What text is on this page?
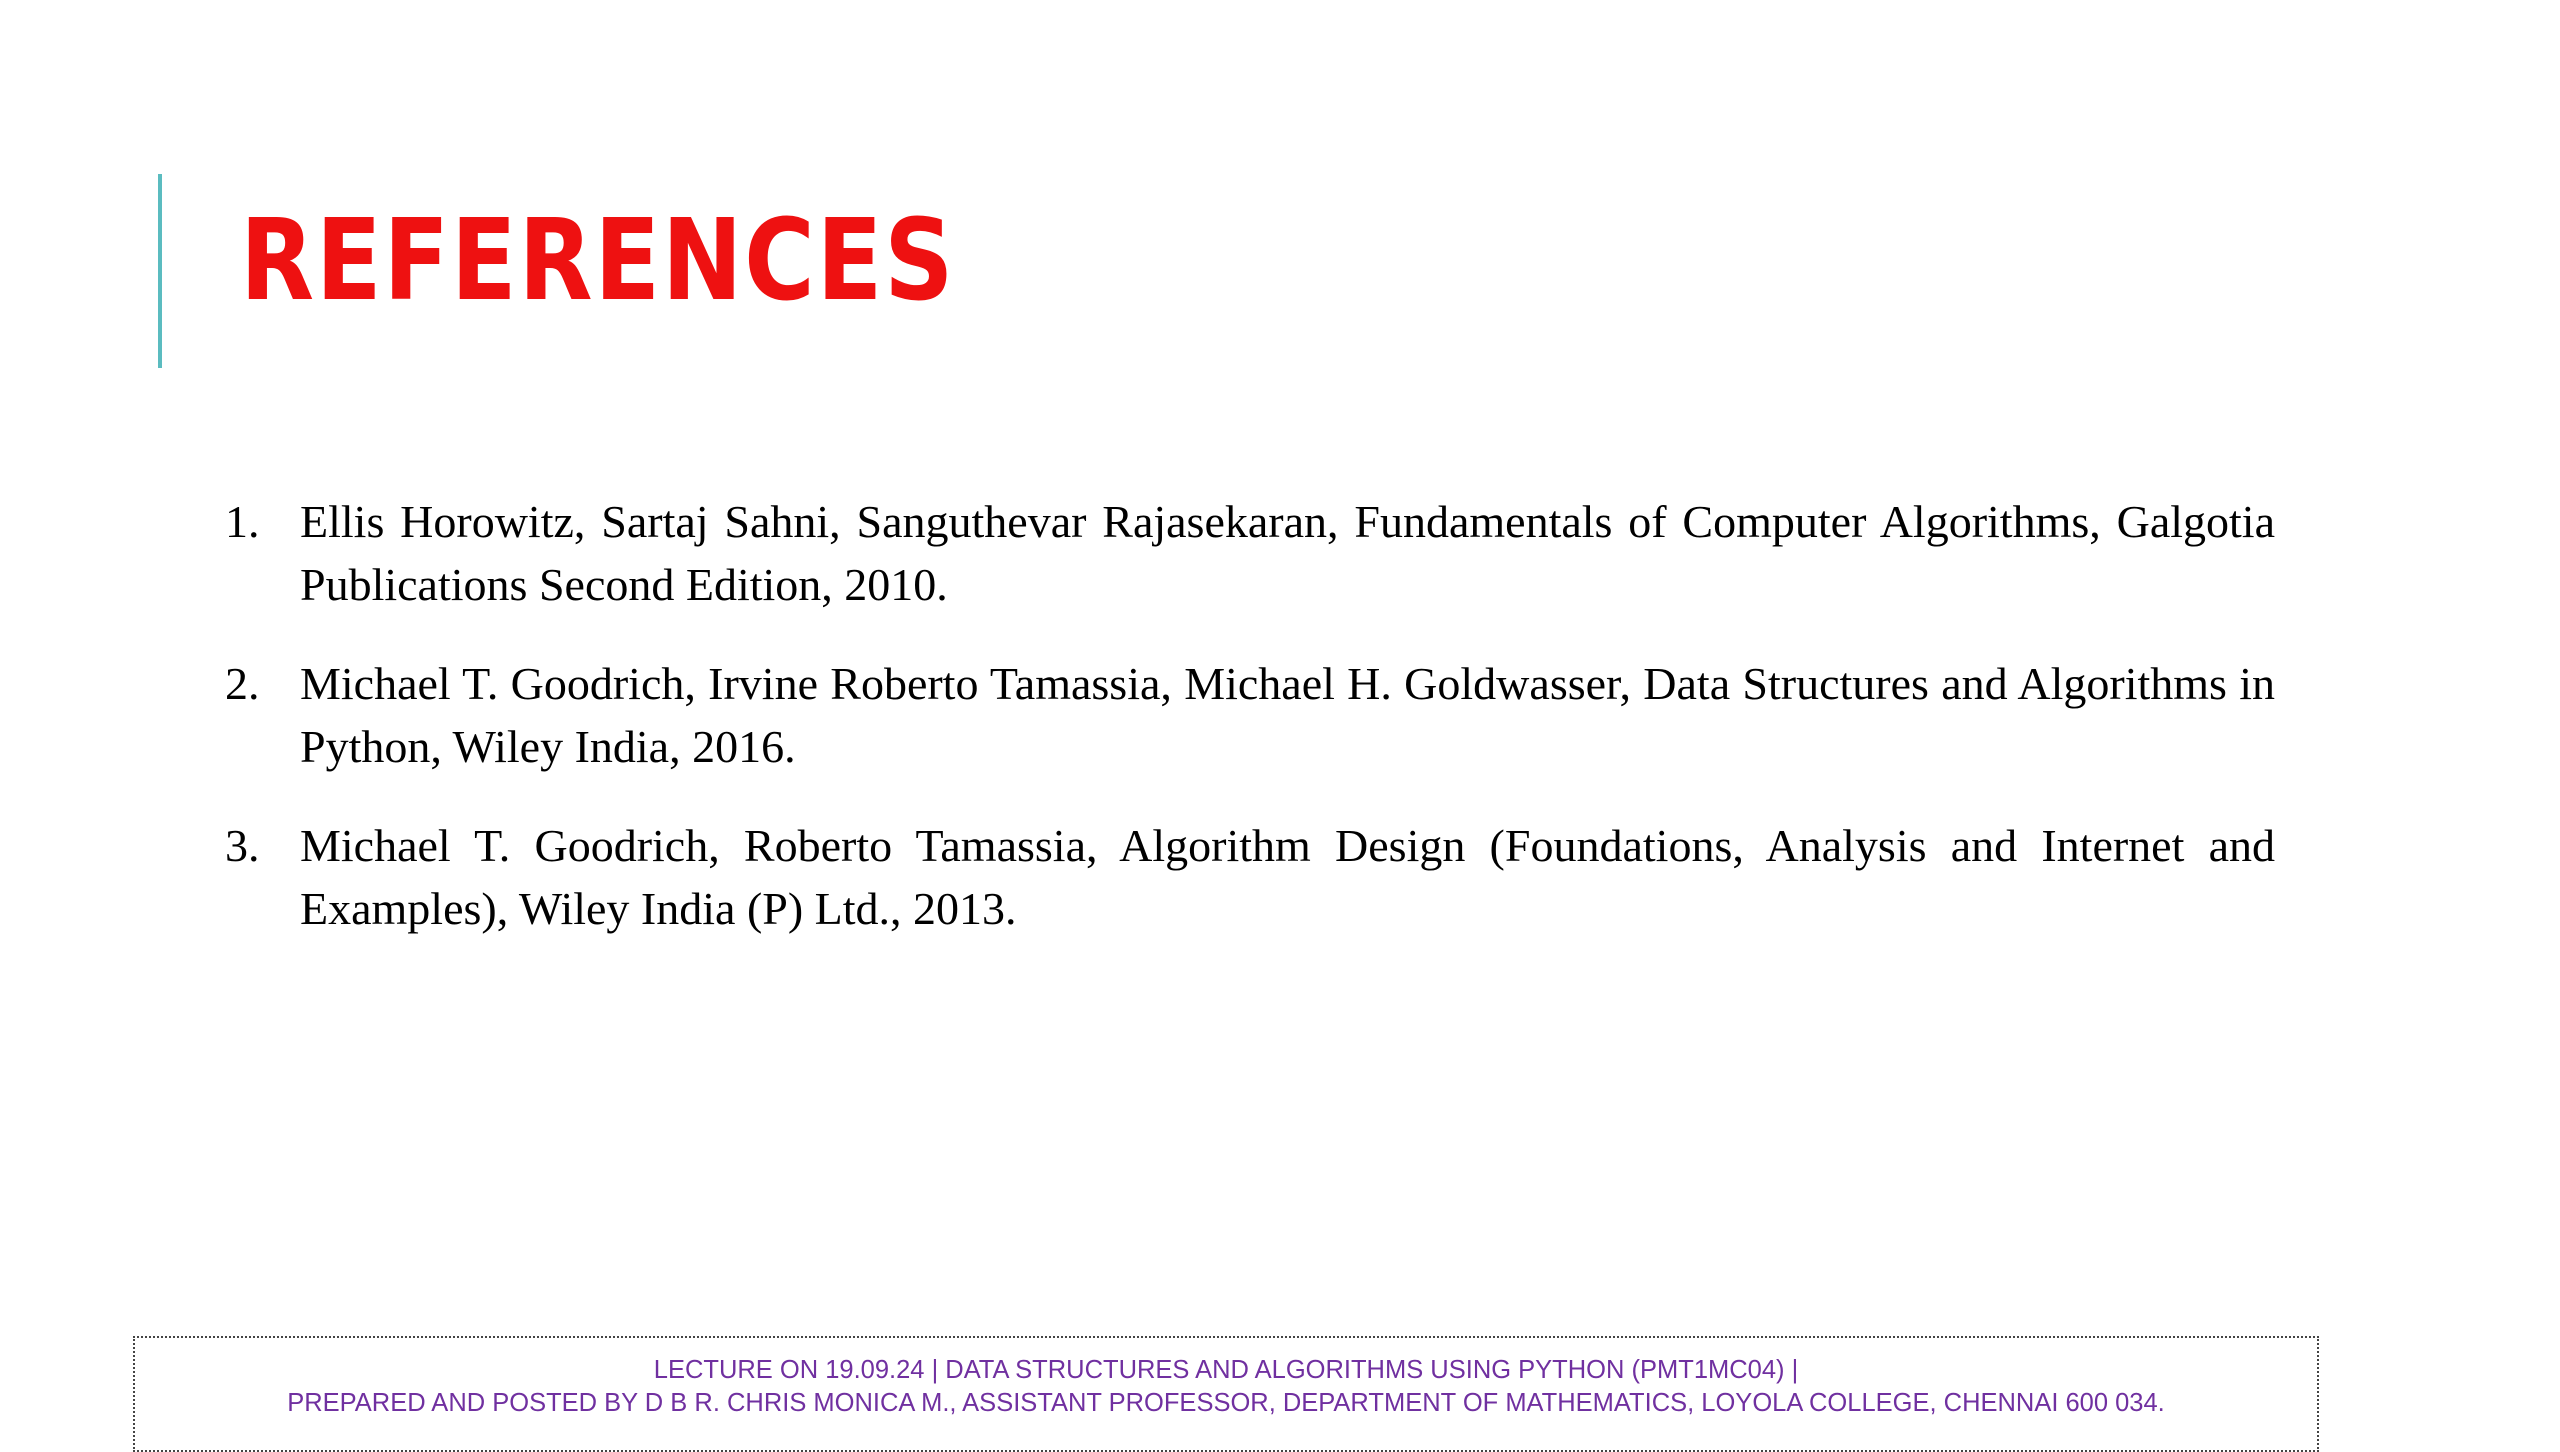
REFERENCES
1. Ellis Horowitz, Sartaj Sahni, Sanguthevar Rajasekaran, Fundamentals of Computer Algorithms, Galgotia Publications Second Edition, 2010.
2. Michael T. Goodrich, Irvine Roberto Tamassia, Michael H. Goldwasser, Data Structures and Algorithms in Python, Wiley India, 2016.
3. Michael T. Goodrich, Roberto Tamassia, Algorithm Design (Foundations, Analysis and Internet and Examples), Wiley India (P) Ltd., 2013.
LECTURE ON 19.09.24 | DATA STRUCTURES AND ALGORITHMS USING PYTHON (PMT1MC04) |
PREPARED AND POSTED BY D B R. CHRIS MONICA M., ASSISTANT PROFESSOR, DEPARTMENT OF MATHEMATICS, LOYOLA COLLEGE, CHENNAI 600 034.
